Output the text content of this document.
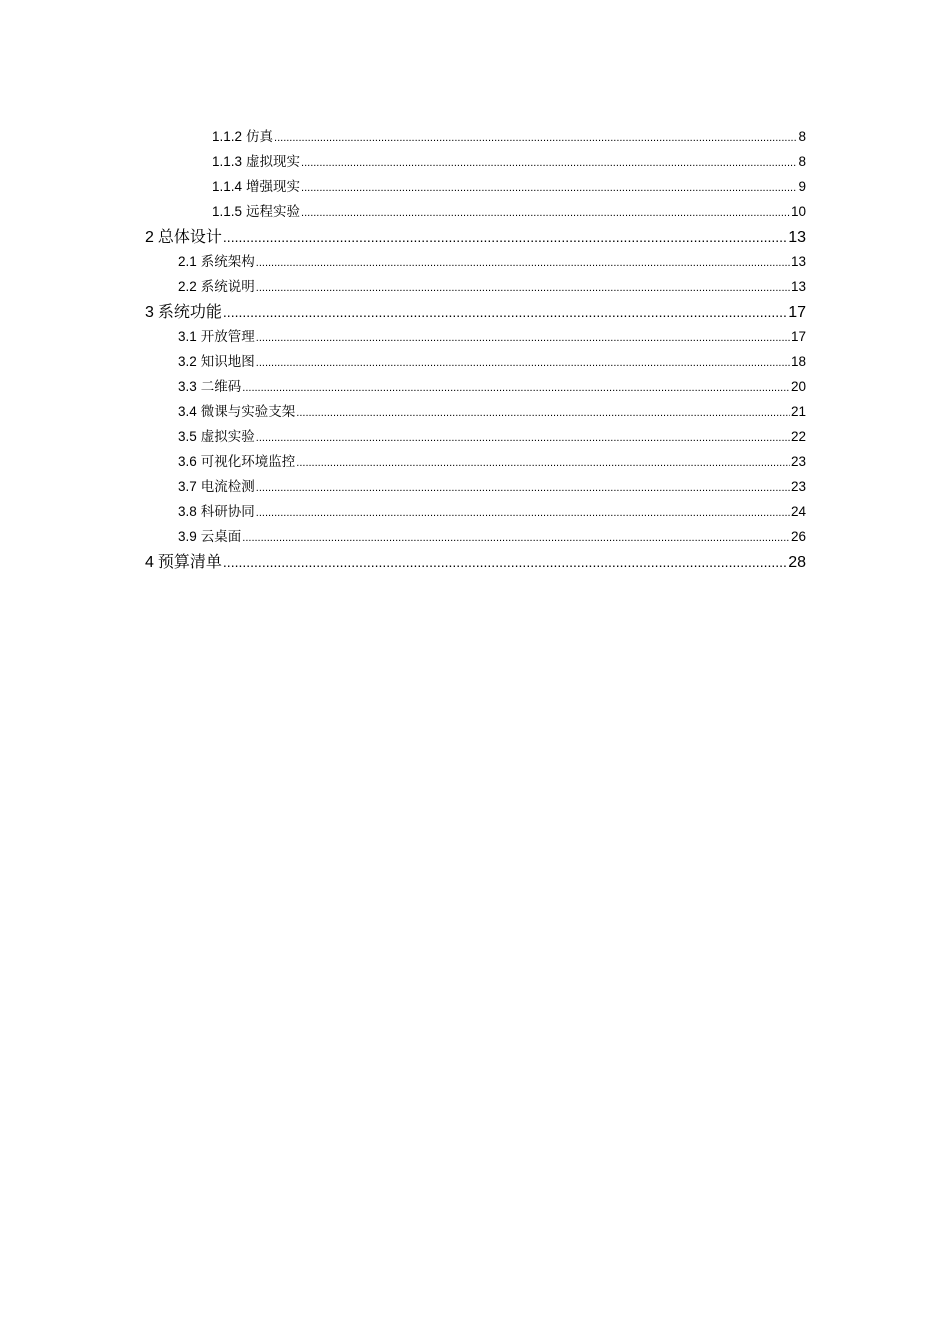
1.1.2 仿真 .....	8
1.1.3 虚拟现实 .....	8
1.1.4 增强现实 .....	9
1.1.5 远程实验 .....	10
2 总体设计 .....	13
2.1 系统架构 .....	13
2.2 系统说明 .....	13
3 系统功能 .....	17
3.1 开放管理 .....	17
3.2 知识地图 .....	18
3.3 二维码 .....	20
3.4 微课与实验支架 .....	21
3.5 虚拟实验 .....	22
3.6 可视化环境监控 .....	23
3.7 电流检测 .....	23
3.8 科研协同 .....	24
3.9 云桌面 .....	26
4 预算清单 .....	28
